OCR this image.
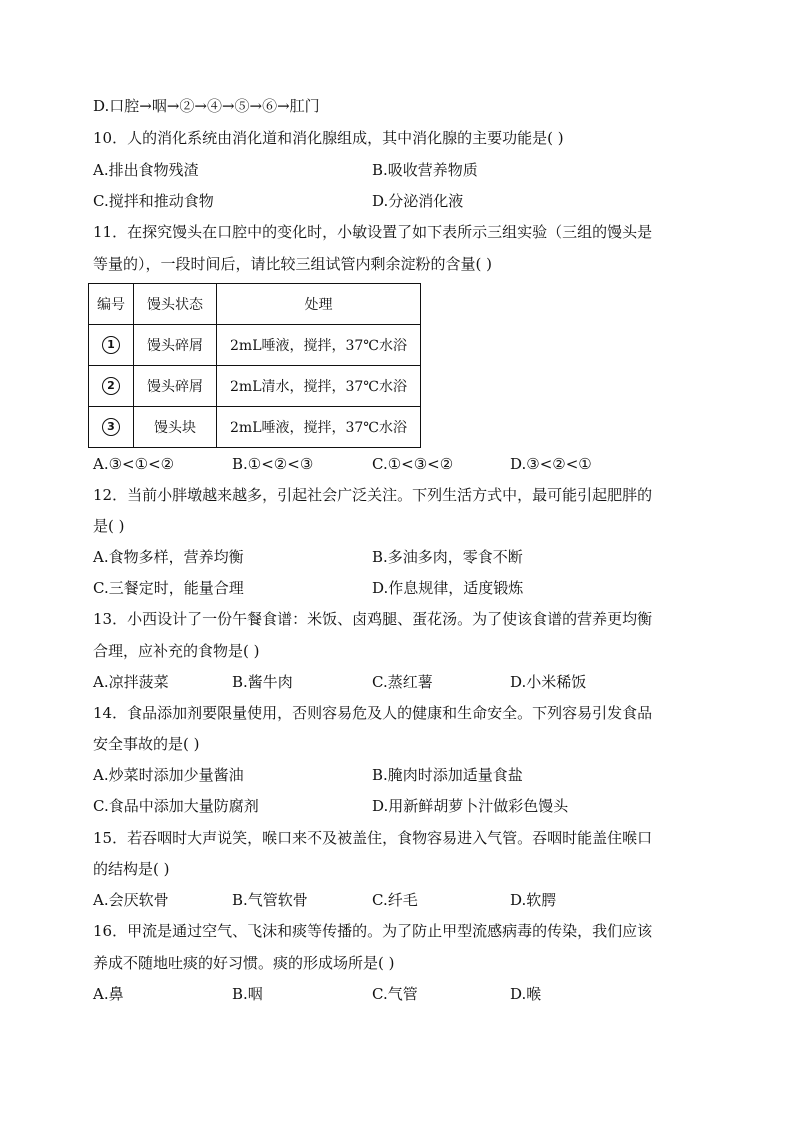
D.口腔→咽→②→④→⑤→⑥→肛门
10．人的消化系统由消化道和消化腺组成，其中消化腺的主要功能是( )
A.排出食物残渣	B.吸收营养物质
C.搅拌和推动食物	D.分泌消化液
11．在探究馒头在口腔中的变化时，小敏设置了如下表所示三组实验（三组的馒头是
等量的），一段时间后，请比较三组试管内剩余淀粉的含量( )
编号	馒头状态	处理
1	馒头碎屑	2mL唾液，搅拌，37℃水浴
2	馒头碎屑	2mL清水，搅拌，37℃水浴
3	馒头块	2mL唾液，搅拌，37℃水浴
A.③<①<②	B.①<②<③	C.①<③<②	D.③<②<①
12．当前小胖墩越来越多，引起社会广泛关注。下列生活方式中，最可能引起肥胖的
是( )
A.食物多样，营养均衡	B.多油多肉，零食不断
C.三餐定时，能量合理	D.作息规律，适度锻炼
13．小西设计了一份午餐食谱：米饭、卤鸡腿、蛋花汤。为了使该食谱的营养更均衡
合理，应补充的食物是( )
A.凉拌菠菜	B.酱牛肉	C.蒸红薯	D.小米稀饭
14．食品添加剂要限量使用，否则容易危及人的健康和生命安全。下列容易引发食品
安全事故的是( )
A.炒菜时添加少量酱油	B.腌肉时添加适量食盐
C.食品中添加大量防腐剂	D.用新鲜胡萝卜汁做彩色馒头
15．若吞咽时大声说笑，喉口来不及被盖住，食物容易进入气管。吞咽时能盖住喉口
的结构是( )
A.会厌软骨	B.气管软骨	C.纤毛	D.软腭
16．甲流是通过空气、飞沫和痰等传播的。为了防止甲型流感病毒的传染，我们应该
养成不随地吐痰的好习惯。痰的形成场所是( )
A.鼻	B.咽	C.气管	D.喉
